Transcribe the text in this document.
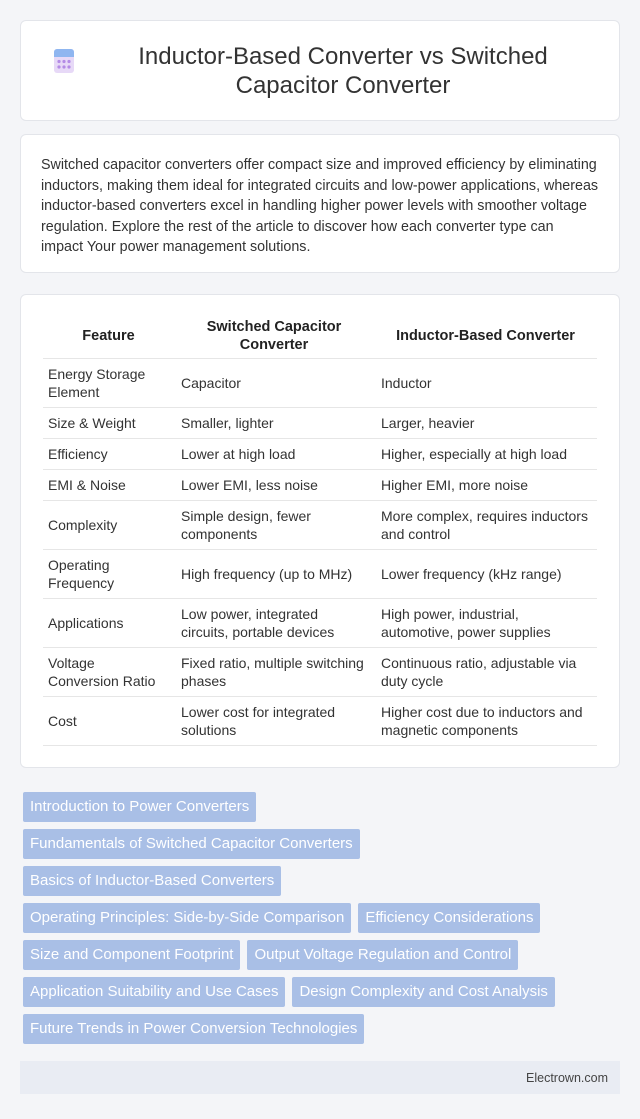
Inductor-Based Converter vs Switched Capacitor Converter

Switched capacitor converters offer compact size and improved efficiency by eliminating inductors, making them ideal for integrated circuits and low-power applications, whereas inductor-based converters excel in handling higher power levels with smoother voltage regulation. Explore the rest of the article to discover how each converter type can impact Your power management solutions.

Feature	Switched Capacitor Converter	Inductor-Based Converter
Energy Storage Element	Capacitor	Inductor
Size & Weight	Smaller, lighter	Larger, heavier
Efficiency	Lower at high load	Higher, especially at high load
EMI & Noise	Lower EMI, less noise	Higher EMI, more noise
Complexity	Simple design, fewer components	More complex, requires inductors and control
Operating Frequency	High frequency (up to MHz)	Lower frequency (kHz range)
Applications	Low power, integrated circuits, portable devices	High power, industrial, automotive, power supplies
Voltage Conversion Ratio	Fixed ratio, multiple switching phases	Continuous ratio, adjustable via duty cycle
Cost	Lower cost for integrated solutions	Higher cost due to inductors and magnetic components
Introduction to Power Converters
Fundamentals of Switched Capacitor Converters
Basics of Inductor-Based Converters
Operating Principles: Side-by-Side Comparison	Efficiency Considerations
Size and Component Footprint	Output Voltage Regulation and Control
Application Suitability and Use Cases	Design Complexity and Cost Analysis
Future Trends in Power Conversion Technologies
Electrown.com
